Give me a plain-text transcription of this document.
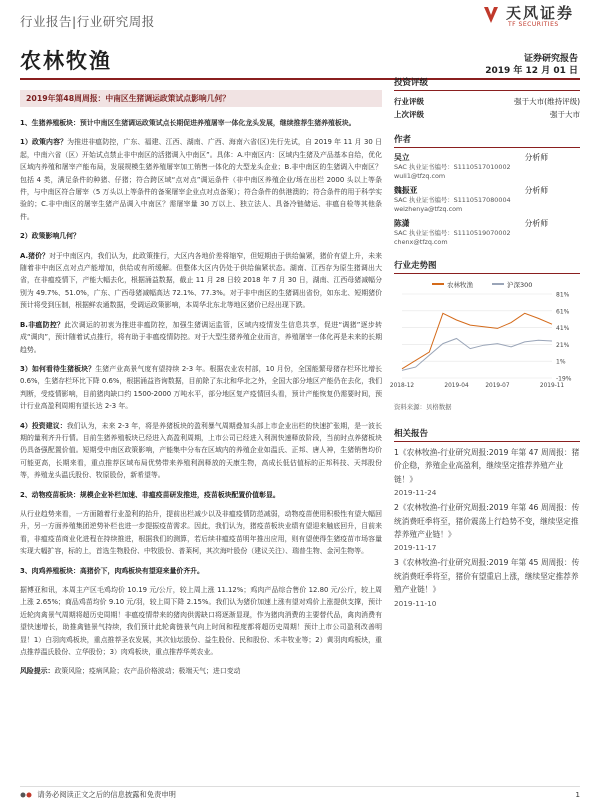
行业报告|行业研究周报	天风证券
TF SECURITIES
农林牧渔	证券研究报告
2019 年 12 月 01 日
2019年第48周周报：中南区生猪调运政策试点影响几何？
1、生猪养殖板块：预计中南区生猪调运政策试点长期促进养殖屠宰一体化龙头发展，继续推荐生猪养殖板块。
1）政策内容？为推进非瘟防控，广东、福建、江西、湖南、广西、海南六省(区)先行先试，自 2019 年 11 月 30 日起，中南六省（区）开始试点禁止非中南区的活猪调入中南区”。具体：A.中南区内：区域内生猪及产品基本自给，优化区域内养殖和屠宰产能布局，发展规模生猪养殖屠宰加工销售一体化的大型龙头企业；B.非中南区的生猪调入中南区？包括 4 类，满足条件的种猪、仔猪；符合跨区域“点对点”调运条件（非中南区养殖企业/场在出栏 2000 头以上等条件，与中南区符合屠宰（5 万头以上等条件的备案屠宰企业点对点备案）；符合条件的供港澳的；符合条件的用于科学实验的；C.非中南区的屠宰生猪产品调入中南区？需屠宰量 30 万以上、独立法人、具备冷链储运、非瘟自检等其他条件。
2）政策影响几何？
A.猪价？对于中南区内，我们认为，此政策推行，大区内各地价差将缩窄，但短期由于供给偏紧，猪价有望上升，未来随着非中南区点对点产能增加，供给或有所缓解。但整体大区内仍处于供给偏紧状态。湖南、江西存为原生猪调出大省，在非瘟疫情下，产能大幅去化，根据涌益数据，截止 11 月 28 日较 2018 年 7 月 30 日，湖南、江西母猪减幅分别为 49.7%、51.0%，广东、广西母猪减幅高达 72.1%、77.3%。对于非中南区的生猪调出省份，如东北、短期猪价预计将受到压制，根据鲜农通数据，受调运政策影响，本周华北东北等地区猪价已经出现下跌。
B.非瘟防控？此次调运的初衷为推进非瘟防控，加强生猪调运监管，区域内疫情发生信息共享，促进“调猪”逐步转成“调肉”，预计随着试点推行，将有助于非瘟疫情防控。对于大型生猪养殖企业而言，养殖屠宰一体化再是未来的长期趋势。
3）如何看待生猪板块？生猪产业高景气度有望持续 2-3 年。根据农业农村部，10 月份，全国能繁母猪存栏环比增长 0.6%，生猪存栏环比下降 0.6%，根据涌益咨询数据，目前除了东北和华北之外，全国大部分地区产能仍在去化，我们判断，受疫情影响，目前猪肉缺口约 1500-2000 万吨水平，部分地区复产疫情回头看，预计产能恢复仍需要时间，预计行业高盈利周期有望长达 2-3 年。
4）投资建议：我们认为，未来 2-3 年，将是养猪板块的盈利暴气周期叠加头部上市企业出栏的快速扩张期，是一波长期的量利齐升行情。目前生猪养殖板块已经进入高盈利周期，上市公司已经进入利润快速释放阶段，当前时点养猪板块仍具备强配置价值。短期受中南区政策影响，产能集中分布在区域内的养殖企业如温氏、正邦、唐人神，生猪销售均价可能更高，长期来看，重点推荐区域布局优势带来养殖利润释放的天康生物，高成长低估值标的正邦科技、天邦股份等，养殖龙头温氏股份、牧原股份，新希望等。
2、动物疫苗板块：规模企业补栏加速、非瘟疫苗研发推进，疫苗板块配置价值彰显。
从行业趋势来看，一方面随着行业盈利的抬升，提前出栏减少以及非瘟疫情防范减弱，动物疫苗使用积极性有望大幅回升，另一方面养殖集团逆势补栏也进一步提振疫苗需求。因此，我们认为，猪疫苗板块业绩有望迎来触底回升，目前来看，非瘟疫苗商业化进程在持续推进，根据我们的测算，若后续非瘟疫苗明年推出应用，则有望使得生猪疫苗市场容量实现大幅扩容，标的上，首选生物股份、中牧股份、普莱柯，其次海叶股份（建议关注）、瑞普生物、金河生物等。
3、肉鸡养殖板块：高猪价下，肉鸡板块有望迎来量价齐升。
据博亚和讯，本周主产区毛鸡均价 10.19 元/公斤，较上周上涨 11.12%；鸡肉产品综合售价 12.80 元/公斤，较上周上涨 2.65%；商品鸡苗均价 9.10 元/羽，较上周下降 2.15%。我们认为猪价加速上涨有望对鸡价上涨提供支撑，预计近轮肉禽景气周期将超历史周期！非瘟疫情带来的猪肉供需缺口将逐渐显现，作为猪肉消费的主要替代品，禽肉消费有望快速增长，助推禽链景气持续，我们预计此轮禽链景气向上时间和程度都将超历史周期！预计上市公司盈利改善明显！1）白羽肉鸡板块，重点推荐圣农发展，其次仙坛股份、益生股份、民和股份、禾丰牧业等；2）黄羽肉鸡板块，重点推荐温氏股份、立华股份；3）肉鸡板块，重点推荐华英农业。
风险提示：政策风险；疫病风险；农产品价格波动；极端天气；进口变动
投资评级
行业评级	强于大市(维持评级)
上次评级	强于大市
作者
吴立	分析师
SAC 执业证书编号：S1110517010002
wuli1@tfzq.com
魏振亚	分析师
SAC 执业证书编号：S1110517080004
weizhenya@tfzq.com
陈潇	分析师
SAC 执业证书编号：S1110519070002
chenx@tfzq.com
行业走势图
农林牧渔	沪深300
81%
61%
41%
21%
1%
-19%
2018-12	2019-04	2019-07	2019-11
资料来源：贝格数据
相关报告
1《农林牧渔-行业研究周报:2019 年第 47 周周报：猪价企稳，养殖企业高盈利，继续坚定推荐养殖产业链！》
2019-11-24
2《农林牧渔-行业研究周报:2019 年第 46 周周报：传统消费旺季将至，猪价震荡上行趋势不变，继续坚定推荐养殖产业链！》
2019-11-17
3《农林牧渔-行业研究周报:2019 年第 45 周周报：传统消费旺季将至，猪价有望重启上涨，继续坚定推荐养殖产业链！》
2019-11-10
请务必阅读正文之后的信息披露和免责申明	1
